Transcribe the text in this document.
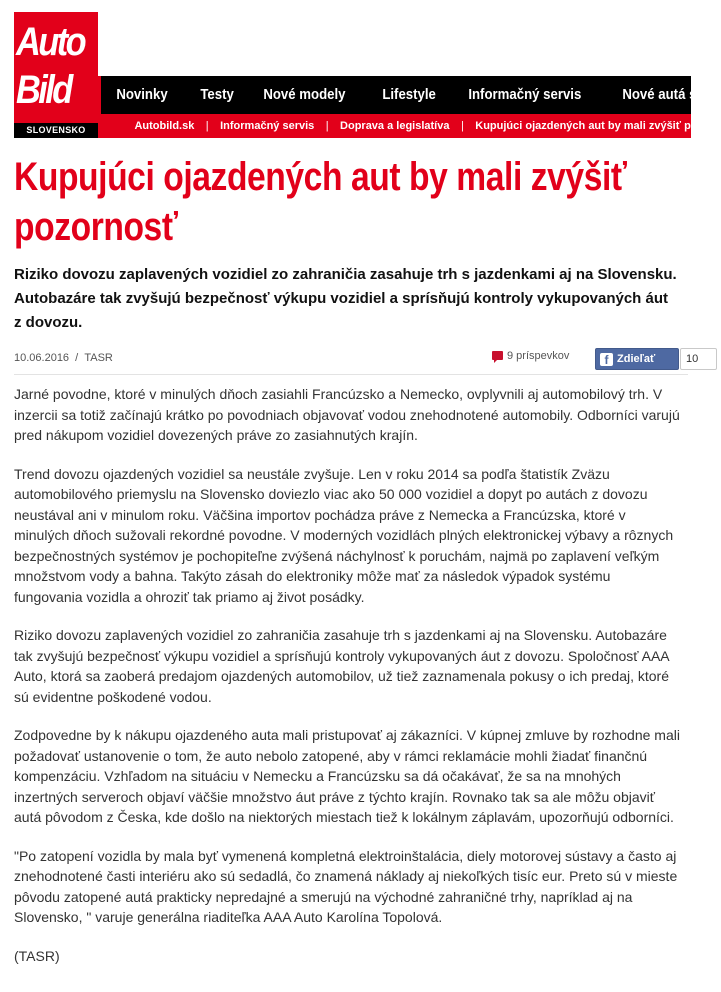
Auto
Bild
SLOVENSKO
Novinky Testy Nové modely Lifestyle Informačný servis	Nové autá sk
Autobild.sk | Informačný servis | Doprava a legislatíva | Kupujúci ojazdených aut by mali zvýšiť pozorn
Kupujúci ojazdených aut by mali zvýšiť pozornosť

Riziko dovozu zaplavených vozidiel zo zahraničia zasahuje trh s jazdenkami aj na Slovensku. Autobazáre tak zvyšujú bezpečnosť výkupu vozidiel a sprísňujú kontroly vykupovaných áut z dovozu.

10.06.2016  /  TASR	9 príspevkov	f Zdieľať	10

Jarné povodne, ktoré v minulých dňoch zasiahli Francúzsko a Nemecko, ovplyvnili aj automobilový trh. V inzercii sa totiž začínajú krátko po povodniach objavovať vodou znehodnotené automobily. Odborníci varujú pred nákupom vozidiel dovezených práve zo zasiahnutých krajín.

Trend dovozu ojazdených vozidiel sa neustále zvyšuje. Len v roku 2014 sa podľa štatistík Zväzu automobilového priemyslu na Slovensko doviezlo viac ako 50 000 vozidiel a dopyt po autách z dovozu neustával ani v minulom roku. Väčšina importov pochádza práve z Nemecka a Francúzska, ktoré v minulých dňoch sužovali rekordné povodne. V moderných vozidlách plných elektronickej výbavy a rôznych bezpečnostných systémov je pochopiteľne zvýšená náchylnosť k poruchám, najmä po zaplavení veľkým množstvom vody a bahna. Takýto zásah do elektroniky môže mať za následok výpadok systému fungovania vozidla a ohroziť tak priamo aj život posádky.

Riziko dovozu zaplavených vozidiel zo zahraničia zasahuje trh s jazdenkami aj na Slovensku. Autobazáre tak zvyšujú bezpečnosť výkupu vozidiel a sprísňujú kontroly vykupovaných áut z dovozu. Spoločnosť AAA Auto, ktorá sa zaoberá predajom ojazdených automobilov, už tiež zaznamenala pokusy o ich predaj, ktoré sú evidentne poškodené vodou.

Zodpovedne by k nákupu ojazdeného auta mali pristupovať aj zákazníci. V kúpnej zmluve by rozhodne mali požadovať ustanovenie o tom, že auto nebolo zatopené, aby v rámci reklamácie mohli žiadať finančnú kompenzáciu. Vzhľadom na situáciu v Nemecku a Francúzsku sa dá očakávať, že sa na mnohých inzertných serveroch objaví väčšie množstvo áut práve z týchto krajín. Rovnako tak sa ale môžu objaviť autá pôvodom z Česka, kde došlo na niektorých miestach tiež k lokálnym záplavám, upozorňujú odborníci.

"Po zatopení vozidla by mala byť vymenená kompletná elektroinštalácia, diely motorovej sústavy a často aj znehodnotené časti interiéru ako sú sedadlá, čo znamená náklady aj niekoľkých tisíc eur. Preto sú v mieste pôvodu zatopené autá prakticky nepredajné a smerujú na východné zahraničné trhy, napríklad aj na Slovensko, " varuje generálna riaditeľka AAA Auto Karolína Topolová.

(TASR)
